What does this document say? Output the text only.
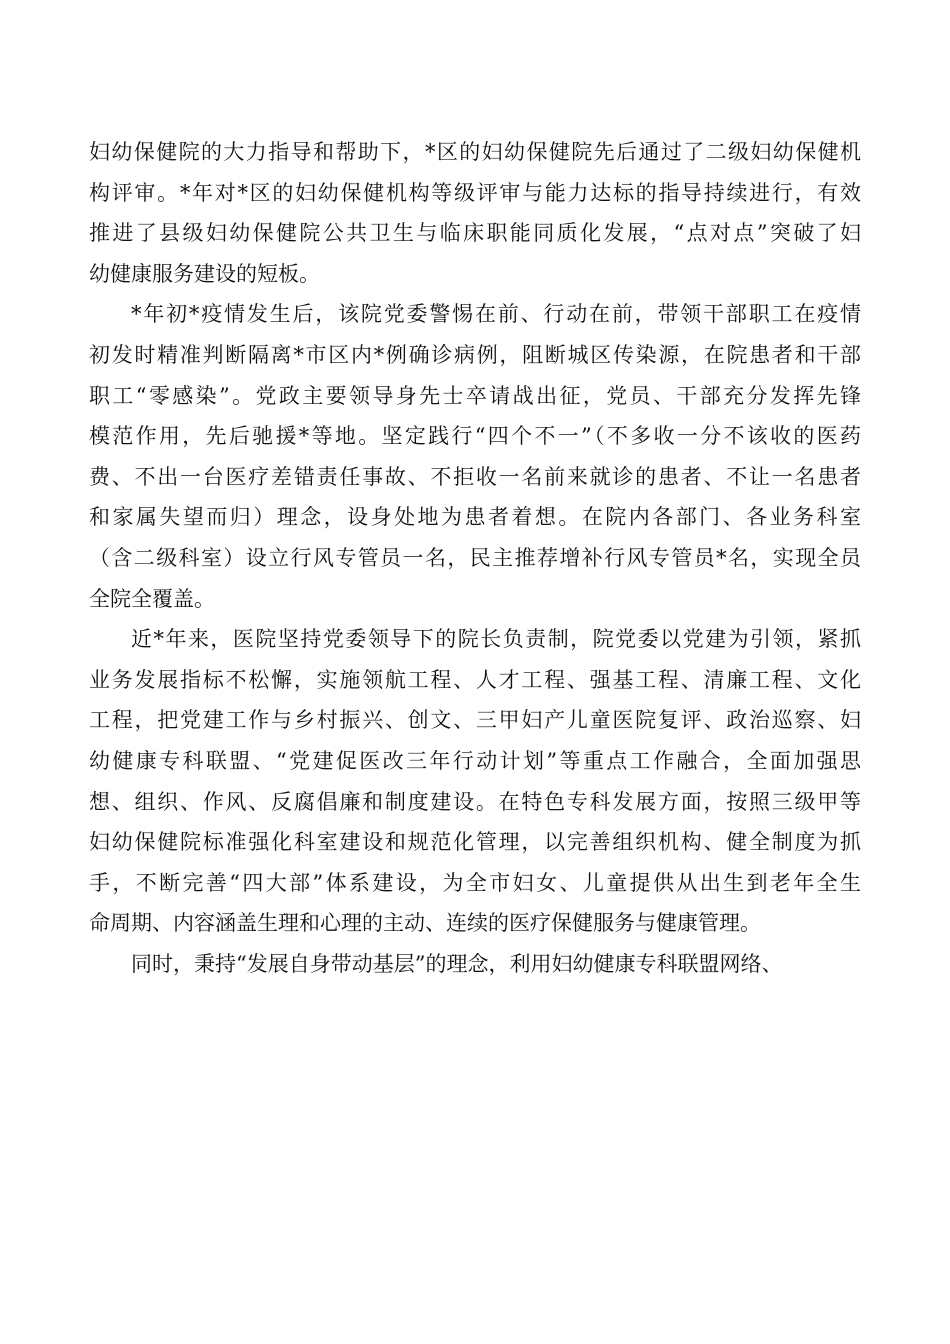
妇幼保健院的大力指导和帮助下，*区的妇幼保健院先后通过了二级妇幼保健机
构评审。*年对*区的妇幼保健机构等级评审与能力达标的指导持续进行，有效
推进了县级妇幼保健院公共卫生与临床职能同质化发展，“点对点”突破了妇
幼健康服务建设的短板。
*年初*疫情发生后，该院党委警惕在前、行动在前，带领干部职工在疫情
初发时精准判断隔离*市区内*例确诊病例，阻断城区传染源，在院患者和干部
职工“零感染”。党政主要领导身先士卒请战出征，党员、干部充分发挥先锋
模范作用，先后驰援*等地。坚定践行“四个不一”（不多收一分不该收的医药
费、不出一台医疗差错责任事故、不拒收一名前来就诊的患者、不让一名患者
和家属失望而归）理念，设身处地为患者着想。在院内各部门、各业务科室
（含二级科室）设立行风专管员一名，民主推荐增补行风专管员*名，实现全员
全院全覆盖。
近*年来，医院坚持党委领导下的院长负责制，院党委以党建为引领，紧抓
业务发展指标不松懈，实施领航工程、人才工程、强基工程、清廉工程、文化
工程，把党建工作与乡村振兴、创文、三甲妇产儿童医院复评、政治巡察、妇
幼健康专科联盟、“党建促医改三年行动计划”等重点工作融合，全面加强思
想、组织、作风、反腐倡廉和制度建设。在特色专科发展方面，按照三级甲等
妇幼保健院标准强化科室建设和规范化管理，以完善组织机构、健全制度为抓
手，不断完善“四大部”体系建设，为全市妇女、儿童提供从出生到老年全生
命周期、内容涵盖生理和心理的主动、连续的医疗保健服务与健康管理。
同时，秉持“发展自身带动基层”的理念，利用妇幼健康专科联盟网络、
